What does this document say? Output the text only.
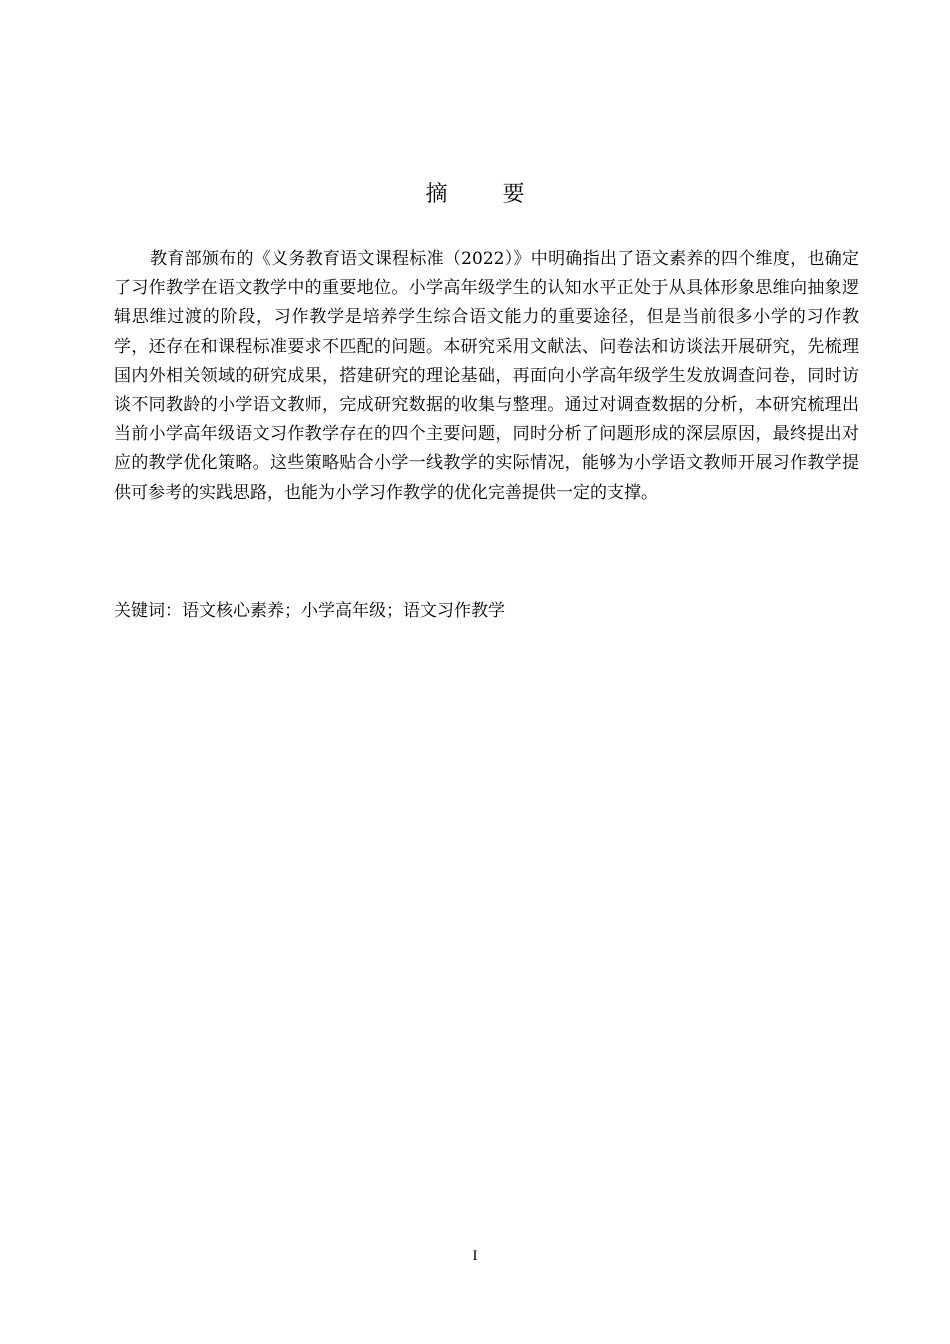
摘 要

教育部颁布的《义务教育语文课程标准（2022）》中明确指出了语文素养的四个维度，也确定了习作教学在语文教学中的重要地位。小学高年级学生的认知水平正处于从具体形象思维向抽象逻辑思维过渡的阶段，习作教学是培养学生综合语文能力的重要途径，但是当前很多小学的习作教学，还存在和课程标准要求不匹配的问题。本研究采用文献法、问卷法和访谈法开展研究，先梳理国内外相关领域的研究成果，搭建研究的理论基础，再面向小学高年级学生发放调查问卷，同时访谈不同教龄的小学语文教师，完成研究数据的收集与整理。通过对调查数据的分析，本研究梳理出当前小学高年级语文习作教学存在的四个主要问题，同时分析了问题形成的深层原因，最终提出对应的教学优化策略。这些策略贴合小学一线教学的实际情况，能够为小学语文教师开展习作教学提供可参考的实践思路，也能为小学习作教学的优化完善提供一定的支撑。

关键词：语文核心素养；小学高年级；语文习作教学
I
